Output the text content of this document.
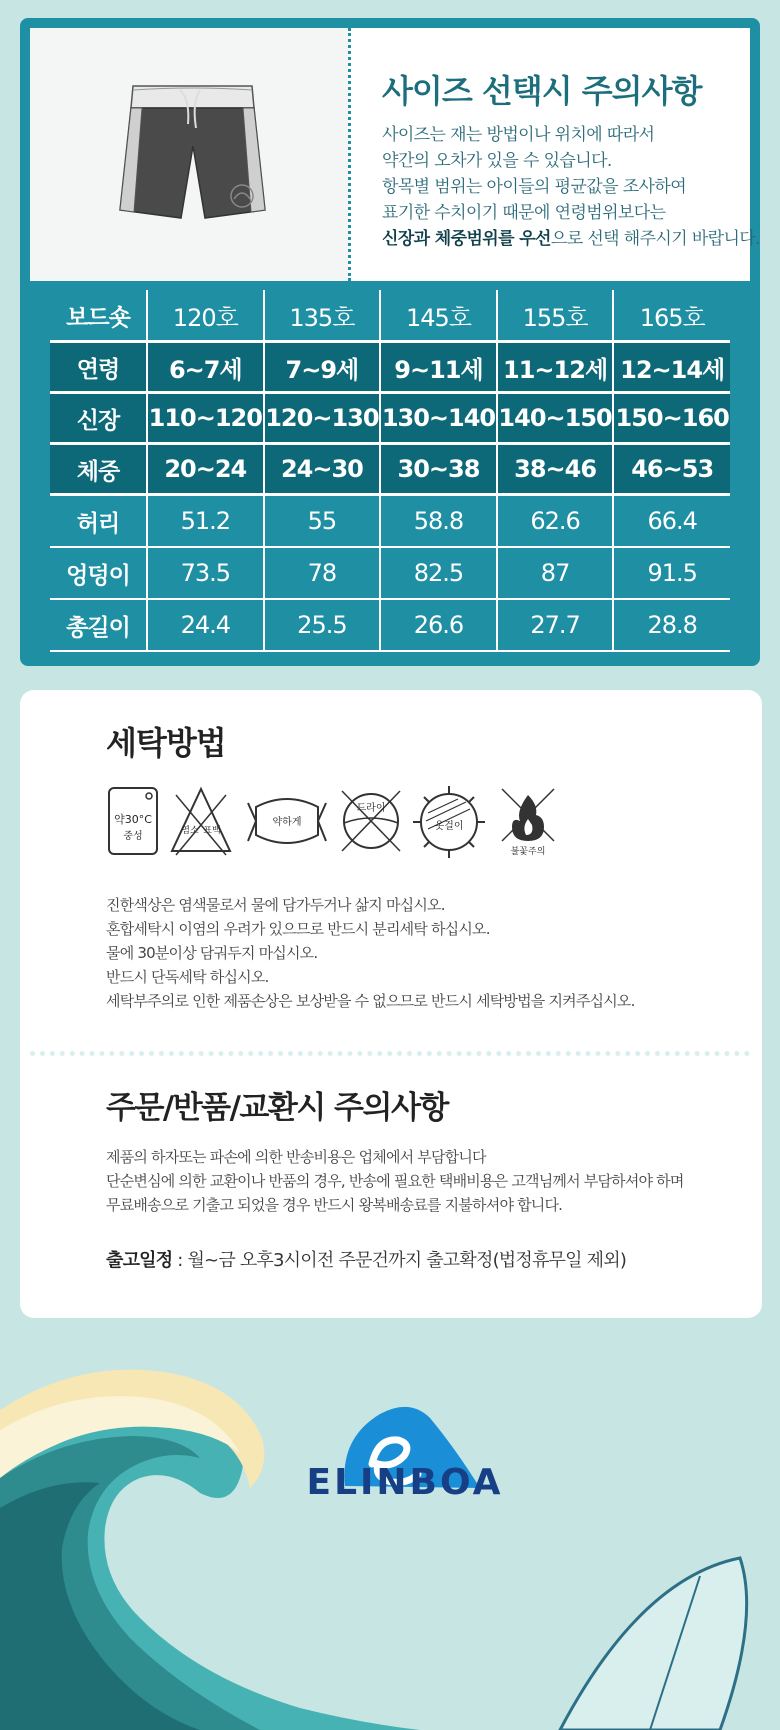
사이즈 선택시 주의사항

사이즈는 재는 방법이나 위치에 따라서

약간의 오차가 있을 수 있습니다.

항목별 범위는 아이들의 평균값을 조사하여

표기한 수치이기 때문에 연령범위보다는

신장과 체중범위를 우선으로 선택 해주시기 바랍니다.

보드숏	120호	135호	145호	155호	165호
연령	6~7세	7~9세	9~11세	11~12세	12~14세
신장	110~120	120~130	130~140	140~150	150~160
체중	20~24	24~30	30~38	38~46	46~53
허리	51.2	55	58.8	62.6	66.4
엉덩이	73.5	78	82.5	87	91.5
총길이	24.4	25.5	26.6	27.7	28.8
세탁방법
약30°C
중성	염소 표백
약하게
드라이
옷걸이
불꽃주의

진한색상은 염색물로서 물에 담가두거나 삶지 마십시오.

혼합세탁시 이염의 우려가 있으므로 반드시 분리세탁 하십시오.

물에 30분이상 담궈두지 마십시오.

반드시 단독세탁 하십시오.

세탁부주의로 인한 제품손상은 보상받을 수 없으므로 반드시 세탁방법을 지켜주십시오.

주문/반품/교환시 주의사항

제품의 하자또는 파손에 의한 반송비용은 업체에서 부담합니다

단순변심에 의한 교환이나 반품의 경우, 반송에 필요한 택배비용은 고객님께서 부담하셔야 하며

무료배송으로 기출고 되었을 경우 반드시 왕복배송료를 지불하셔야 합니다.

출고일정 : 월~금 오후3시이전 주문건까지 출고확정(법정휴무일 제외)

ELINBOA
